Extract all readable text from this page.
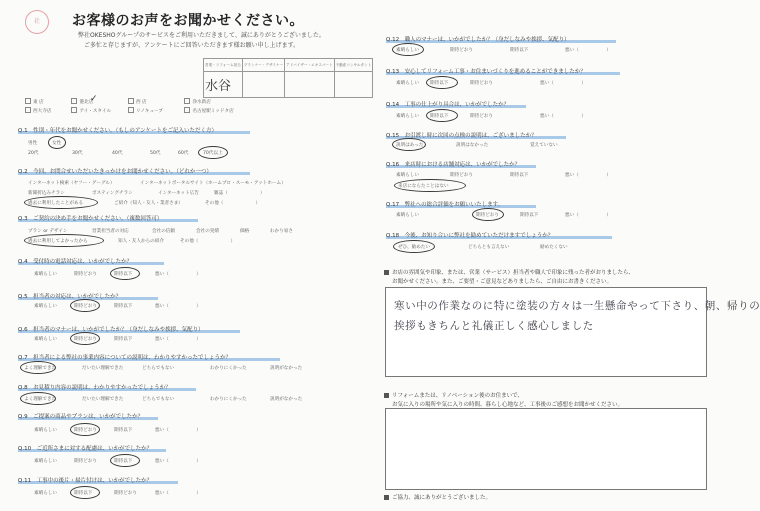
社	お客様のお声をお聞かせください。
弊社OKESHOグループのサービスをご利用いただきまして、誠にありがとうございました。
ご多忙と存じますが、アンケートにご回答いただきます様お願い申し上げます。
営業・リフォーム担当	プランナー・デザイナー	アドバイザー・エキスパート	不動産コンサルタント
水谷			
東 店	港北店	西 店	浄水新店
✓
西大寺店	アイ・スタイル	リノキューブ	名古屋駅ミッドタ店
Q.1　性別・年代をお聞かせください。（もしのアンケートをご記入いただく方）
男性	女性
20代	30代	40代	50代	60代	70代以上
Q.2　今回、お問合せいただいたきっかけをお聞かせください。（どれか一つ）
インターネット検索（ヤフー・グーグル）	インターネットポータルサイト（ホームプロ・スーモ・アットホーム）
新聞折込みチラシ	ポスティングチラシ	インターネット広告	雑誌（　　　　　　　）
過去に利用したことがある	ご紹介（知人・友人・業者さま）	その他（　　　　　　　）
Q.3　ご契約の決め手をお聞かせください。（複数回答可）
プラン or デザイン	営業担当者の対応	会社の信頼	会社の実績	価格	わかり易さ
過去に利用してよかったから	知人・友人からの紹介	その他（　　　　　　　）
Q.4　受付時の電話対応は、いかがでしたか？
素晴らしい	期待どおり	期待以下	悪い（　　　　　　）
Q.5　担当者の対応は、いかがでしたか？
素晴らしい	期待どおり	期待以下	悪い（　　　　　　）
Q.6　担当者のマナーは、いかがでしたか？（身だしなみや挨拶、気配り）
素晴らしい	期待どおり	期待以下	悪い（　　　　　　）
Q.7　担当者による弊社の事業内容についての説明は、わかりやすかったでしょうか？
よく理解できた	だいたい理解できた	どちらでもない	わかりにくかった	説明がなかった
Q.8　お見積り内容の説明は、わかりやすかったでしょうか？
よく理解できた	だいたい理解できた	どちらでもない	わかりにくかった	説明がなかった
Q.9　ご提案の商品やプランは、いかがでしたか？
素晴らしい	期待どおり	期待以下	悪い（　　　　　　）
Q.10　ご近所さまに対する配慮は、いかがでしたか？
素晴らしい	期待どおり	期待以下	悪い（　　　　　　）
Q.11　工事中の後片・掃片付けは、いかがでしたか？
素晴らしい	期待以下	期待どおり	悪い（　　　　　　）
Q.12　職人のマナーは、いかがでしたか？（身だしなみや挨拶、気配り）
素晴らしい	期待どおり	期待以下	悪い（　　　　　　）
Q.13　安心してリフォーム工事・お住まいづくりを進めることができましたか？
素晴らしい 期待以下	期待どおり	悪い（　　　　　　）
Q.14　工事の仕上がり具合は、いかがでしたか？
素晴らしい 期待以下	期待どおり	悪い（　　　　　　）
Q.15　お引渡し時に次回の点検の説明は、ございましたか？
説明はあった	説明はなかった	覚えていない
Q.16　来店時における店舗対応は、いかがでしたか？
素晴らしい	期待どおり	期待以下	悪い（　　　　　　）
来店にならたことはない
Q.17　弊社への総合評価をお願いいたします。
素晴らしい	期待どおり	期待以下	悪い（　　　　　　）
Q.18　今後、お知り合いに弊社を勧めていただけますでしょうか？
ぜひ、勧めたい	どちらとも言えない	勧めたくない
お店の雰囲気や印象、または、営業（サービス）担当者や職人で印象に残った者がおりましたら、
お聞かせください。また、ご要望・ご意見などありましたら、ご自由にお書きください。
寒い中の作業なのに特に塗装の方々は一生懸命やって下さり、朝、帰りの
挨拶もきちんと礼儀正しく感心しました
リフォームまたは、リノベーション後のお住まいで、
お気に入りの場所や気に入りの時間、暮らし心地など、工事後のご感想をお聞かせください。
ご協力、誠にありがとうございました。
